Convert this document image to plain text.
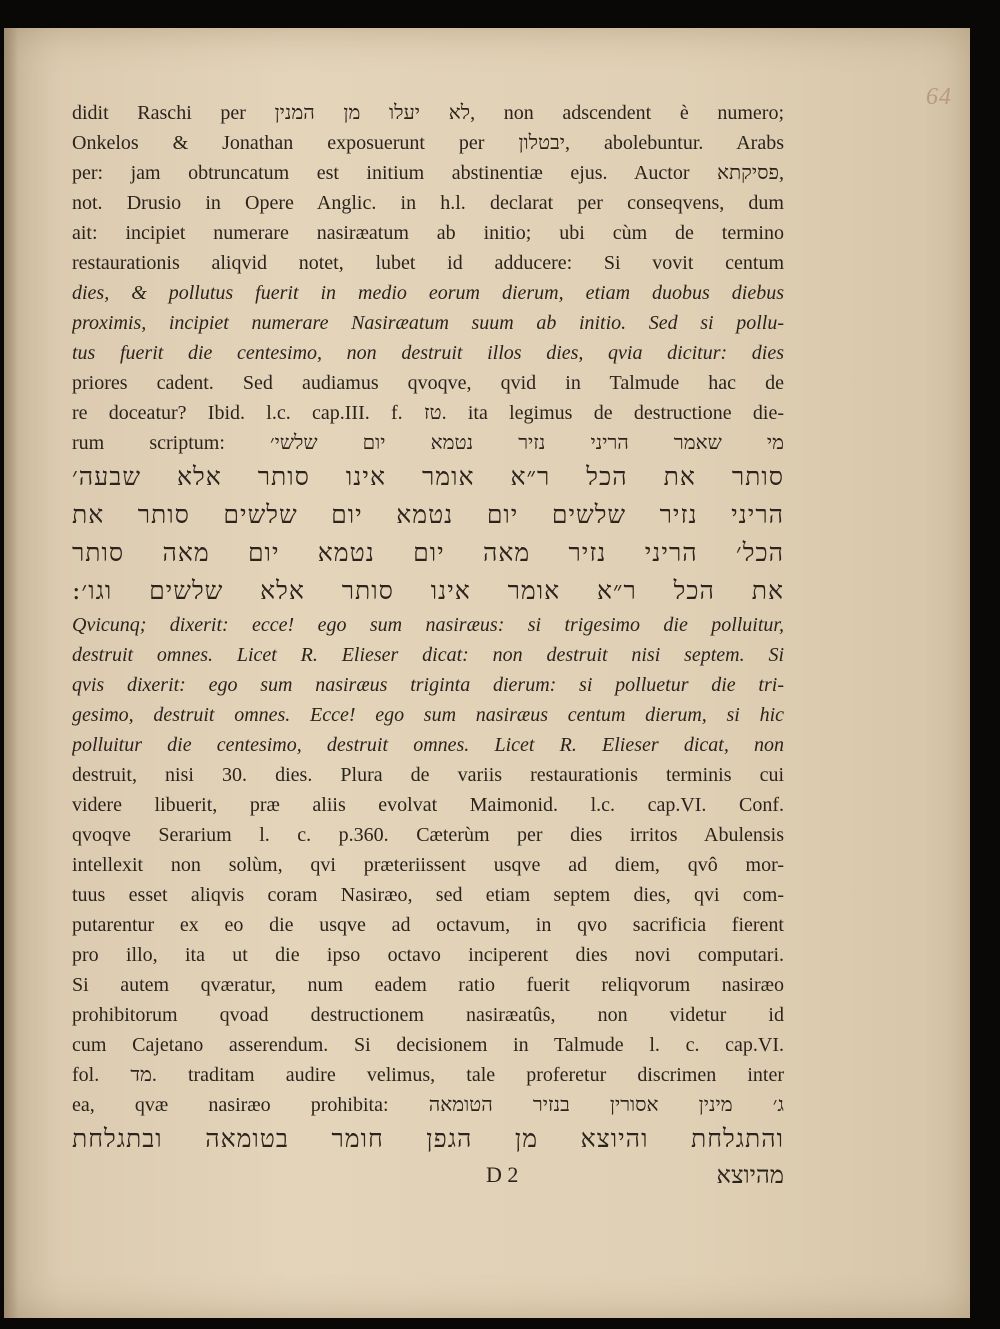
64
didit Raschi per לא יעלו מן המנין, non adscendent è numero;
Onkelos & Jonathan exposuerunt per יבטלון, abolebuntur. Arabs
per: jam obtruncatum est initium abstinentiæ ejus. Auctor פסיקתא,
not. Drusio in Opere Anglic. in h.l. declarat per conseqvens, dum
ait: incipiet numerare nasiræatum ab initio; ubi cùm de termino
restaurationis aliqvid notet, lubet id adducere: Si vovit centum
dies, & pollutus fuerit in medio eorum dierum, etiam duobus diebus
proximis, incipiet numerare Nasiræatum suum ab initio. Sed si pollu-
tus fuerit die centesimo, non destruit illos dies, qvia dicitur: dies
priores cadent. Sed audiamus qvoqve, qvid in Talmude hac de
re doceatur? Ibid. l.c. cap.III. f. טז. ita legimus de destructione die-
rum scriptum: מי שאמר הריני נזיר נטמא יום שלשי׳
סותר את הכל ר״א אומר אינו סותר אלא שבעה׳
הריני נזיר שלשים יום נטמא יום שלשים סותר את
הכל׳ הריני נזיר מאה יום נטמא יום מאה סותר
את הכל ר״א אומר אינו סותר אלא שלשים וגו׳:
Qvicunq; dixerit: ecce! ego sum nasiræus: si trigesimo die polluitur,
destruit omnes. Licet R. Elieser dicat: non destruit nisi septem. Si
qvis dixerit: ego sum nasiræus triginta dierum: si polluetur die tri-
gesimo, destruit omnes. Ecce! ego sum nasiræus centum dierum, si hic
polluitur die centesimo, destruit omnes. Licet R. Elieser dicat, non
destruit, nisi 30. dies. Plura de variis restaurationis terminis cui
videre libuerit, præ aliis evolvat Maimonid. l.c. cap.VI. Conf.
qvoqve Serarium l. c. p.360. Cæterùm per dies irritos Abulensis
intellexit non solùm, qvi præteriissent usqve ad diem, qvô mor-
tuus esset aliqvis coram Nasiræo, sed etiam septem dies, qvi com-
putarentur ex eo die usqve ad octavum, in qvo sacrificia fierent
pro illo, ita ut die ipso octavo inciperent dies novi computari.
Si autem qværatur, num eadem ratio fuerit reliqvorum nasiræo
prohibitorum qvoad destructionem nasiræatûs, non videtur id
cum Cajetano asserendum. Si decisionem in Talmude l. c. cap.VI.
fol. מד. traditam audire velimus, tale proferetur discrimen inter
ea, qvæ nasiræo prohibita: ג׳ מינין אסורין בנזיר הטומאה
והתגלחת והיוצא מן הגפן חומר בטומאה ובתגלחת
D 2	מהיוצא
